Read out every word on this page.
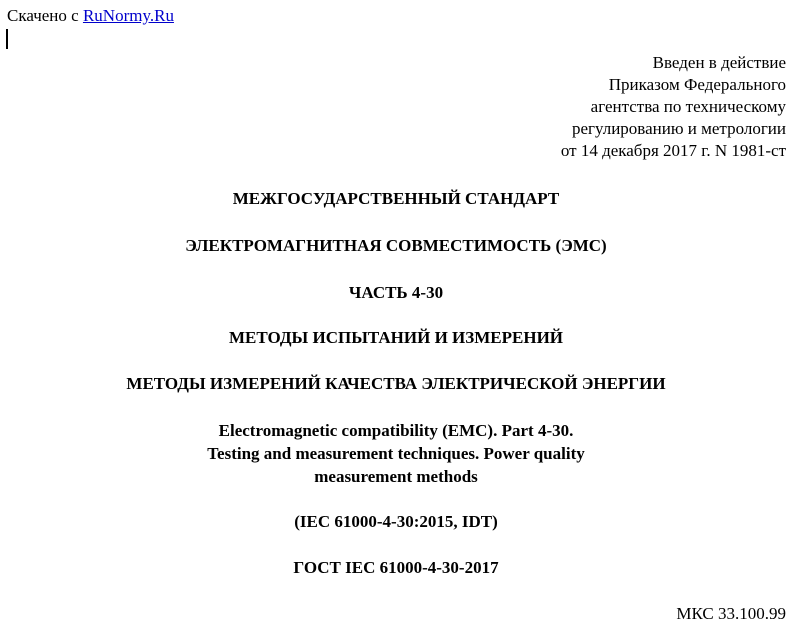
Скачено с RuNormy.Ru
Введен в действие
Приказом Федерального
агентства по техническому
регулированию и метрологии
от 14 декабря 2017 г. N 1981-ст
МЕЖГОСУДАРСТВЕННЫЙ СТАНДАРТ
ЭЛЕКТРОМАГНИТНАЯ СОВМЕСТИМОСТЬ (ЭМС)
ЧАСТЬ 4-30
МЕТОДЫ ИСПЫТАНИЙ И ИЗМЕРЕНИЙ
МЕТОДЫ ИЗМЕРЕНИЙ КАЧЕСТВА ЭЛЕКТРИЧЕСКОЙ ЭНЕРГИИ
Electromagnetic compatibility (EMC). Part 4-30.
Testing and measurement techniques. Power quality
measurement methods
(IEC 61000-4-30:2015, IDT)
ГОСТ IEC 61000-4-30-2017
МКС 33.100.99
